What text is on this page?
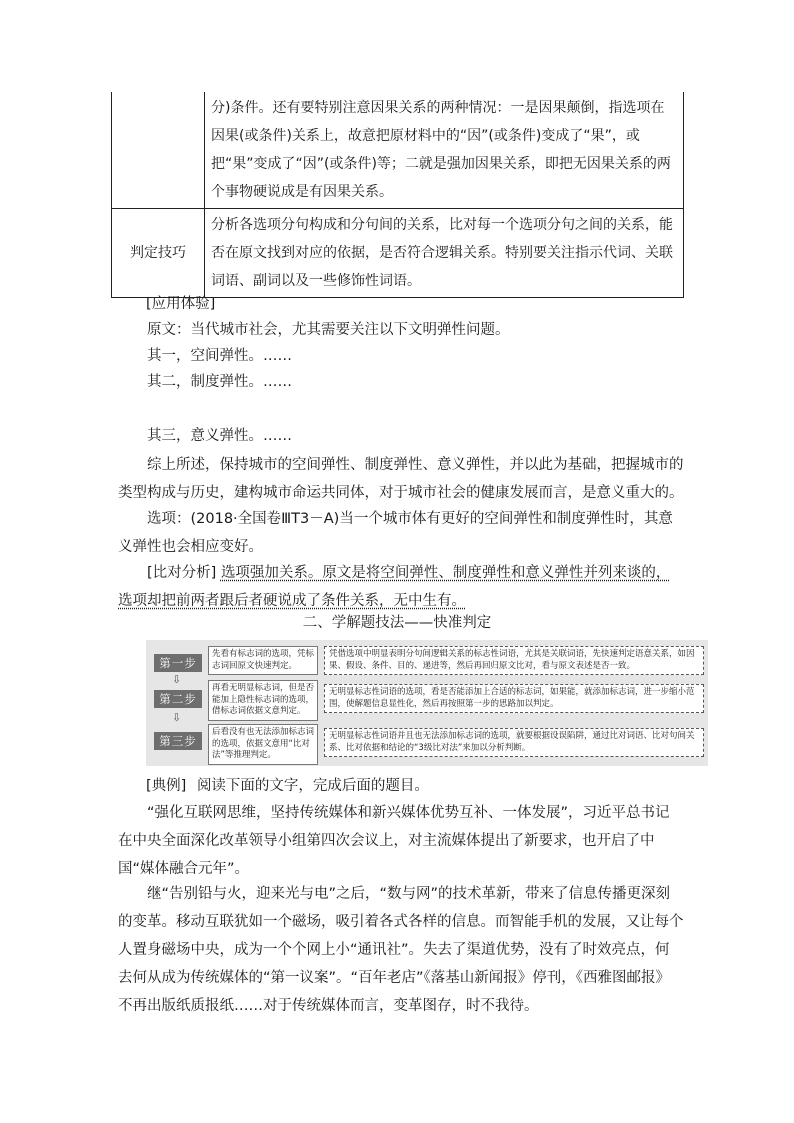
	分)条件。还有要特别注意因果关系的两种情况：一是因果颠倒，指选项在因果(或条件)关系上，故意把原材料中的“因”(或条件)变成了“果”，或把“果”变成了“因”(或条件)等；二就是强加因果关系，即把无因果关系的两个事物硬说成是有因果关系。
判定技巧	分析各选项分句构成和分句间的关系，比对每一个选项分句之间的关系，能否在原文找到对应的依据，是否符合逻辑关系。特别要关注指示代词、关联词语、副词以及一些修饰性词语。
[应用体验]
原文：当代城市社会，尤其需要关注以下文明弹性问题。
其一，空间弹性。……
其二，制度弹性。……
其三，意义弹性。……
综上所述，保持城市的空间弹性、制度弹性、意义弹性，并以此为基础，把握城市的类型构成与历史，建构城市命运共同体，对于城市社会的健康发展而言，是意义重大的。
选项：(2018·全国卷ⅢT3－A)当一个城市体有更好的空间弹性和制度弹性时，其意义弹性也会相应变好。
[比对分析] 选项强加关系。原文是将空间弹性、制度弹性和意义弹性并列来谈的，选项却把前两者跟后者硬说成了条件关系，无中生有。
二、学解题技法——快准判定
第一步
⇩
先看有标志词的选项，凭标志词回原文快速判定。
凭借选项中明显表明分句间逻辑关系的标志性词语，尤其是关联词语，先快速判定语意关系，如因果、假设、条件、目的、递进等，然后再回归原文比对，看与原文表述是否一致。
第二步
⇩
再看无明显标志词，但是否能加上隐性标志词的选项，借标志词依据文意判定。
无明显标志性词语的选项，看是否能添加上合适的标志词，如果能，就添加标志词，进一步缩小范围，使解题信息显性化，然后再按照第一步的思路加以判定。
第三步
后看没有也无法添加标志词的选项，依据文意用“比对法”等推理判定。
无明显标志性词语并且也无法添加标志词的选项，就要根据设误陷阱，通过比对词语、比对句间关系、比对依据和结论的“3级比对法”来加以分析判断。
[典例] 阅读下面的文字，完成后面的题目。
“强化互联网思维，坚持传统媒体和新兴媒体优势互补、一体发展”，习近平总书记在中央全面深化改革领导小组第四次会议上，对主流媒体提出了新要求，也开启了中国“媒体融合元年”。
继“告别铅与火，迎来光与电”之后，“数与网”的技术革新，带来了信息传播更深刻的变革。移动互联犹如一个磁场，吸引着各式各样的信息。而智能手机的发展，又让每个人置身磁场中央，成为一个个网上小“通讯社”。失去了渠道优势，没有了时效亮点，何去何从成为传统媒体的“第一议案”。“百年老店”《落基山新闻报》停刊，《西雅图邮报》不再出版纸质报纸……对于传统媒体而言，变革图存，时不我待。
